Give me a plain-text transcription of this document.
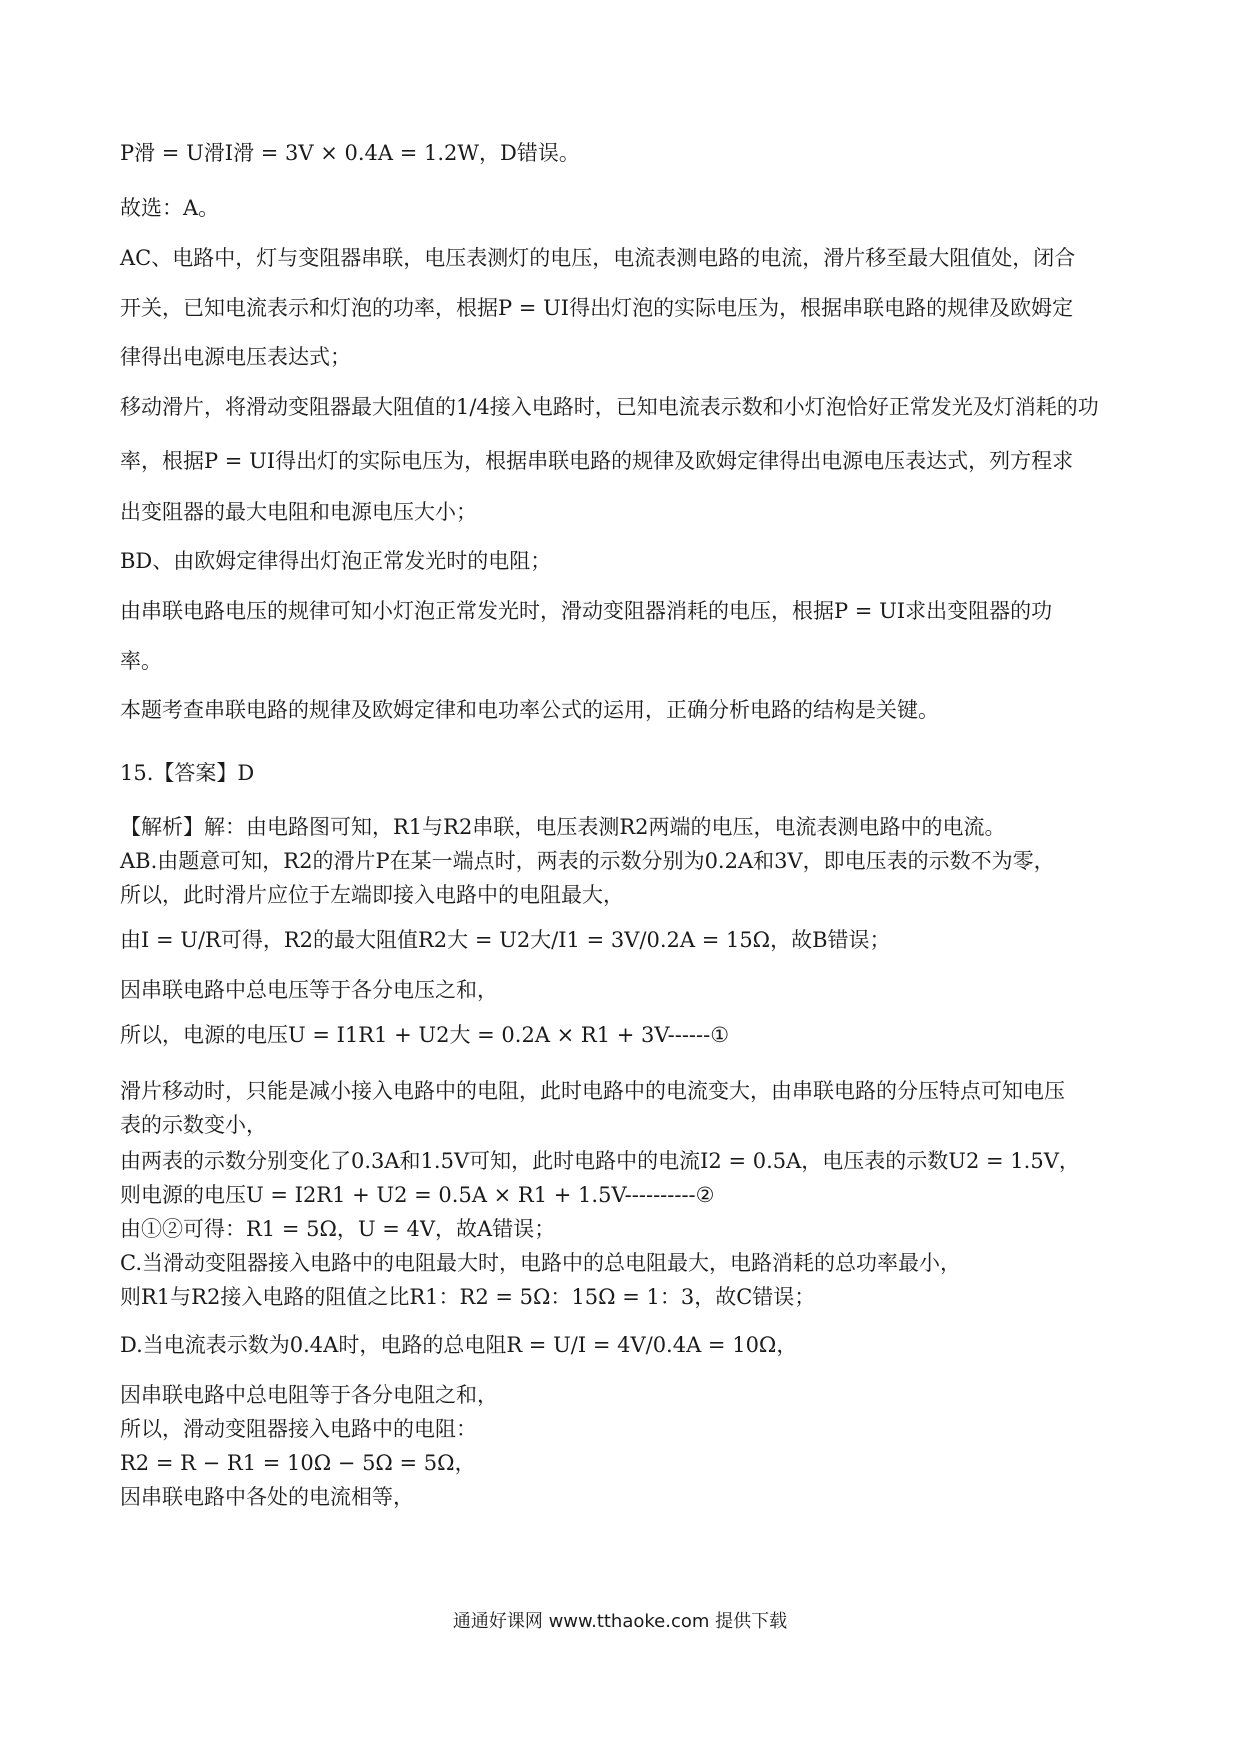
P滑 = U滑I滑 = 3V × 0.4A = 1.2W，D错误。
故选：A。
AC、电路中，灯与变阻器串联，电压表测灯的电压，电流表测电路的电流，滑片移至最大阻值处，闭合
开关，已知电流表示和灯泡的功率，根据P = UI得出灯泡的实际电压为，根据串联电路的规律及欧姆定
律得出电源电压表达式；
移动滑片，将滑动变阻器最大阻值的1/4接入电路时，已知电流表示数和小灯泡恰好正常发光及灯消耗的功
率，根据P = UI得出灯的实际电压为，根据串联电路的规律及欧姆定律得出电源电压表达式，列方程求
出变阻器的最大电阻和电源电压大小；
BD、由欧姆定律得出灯泡正常发光时的电阻；
由串联电路电压的规律可知小灯泡正常发光时，滑动变阻器消耗的电压，根据P = UI求出变阻器的功
率。
本题考查串联电路的规律及欧姆定律和电功率公式的运用，正确分析电路的结构是关键。
15.【答案】D
【解析】解：由电路图可知，R1与R2串联，电压表测R2两端的电压，电流表测电路中的电流。
AB.由题意可知，R2的滑片P在某一端点时，两表的示数分别为0.2A和3V，即电压表的示数不为零，
所以，此时滑片应位于左端即接入电路中的电阻最大，
由I = U/R可得，R2的最大阻值R2大 = U2大/I1 = 3V/0.2A = 15Ω，故B错误；
因串联电路中总电压等于各分电压之和，
所以，电源的电压U = I1R1 + U2大 = 0.2A × R1 + 3V------①
滑片移动时，只能是减小接入电路中的电阻，此时电路中的电流变大，由串联电路的分压特点可知电压
表的示数变小，
由两表的示数分别变化了0.3A和1.5V可知，此时电路中的电流I2 = 0.5A，电压表的示数U2 = 1.5V，
则电源的电压U = I2R1 + U2 = 0.5A × R1 + 1.5V----------②
由①②可得：R1 = 5Ω，U = 4V，故A错误；
C.当滑动变阻器接入电路中的电阻最大时，电路中的总电阻最大，电路消耗的总功率最小，
则R1与R2接入电路的阻值之比R1：R2 = 5Ω：15Ω = 1：3，故C错误；
D.当电流表示数为0.4A时，电路的总电阻R = U/I = 4V/0.4A = 10Ω，
因串联电路中总电阻等于各分电阻之和，
所以，滑动变阻器接入电路中的电阻：
R2 = R − R1 = 10Ω − 5Ω = 5Ω，
因串联电路中各处的电流相等，
通通好课网 www.tthaoke.com 提供下载
